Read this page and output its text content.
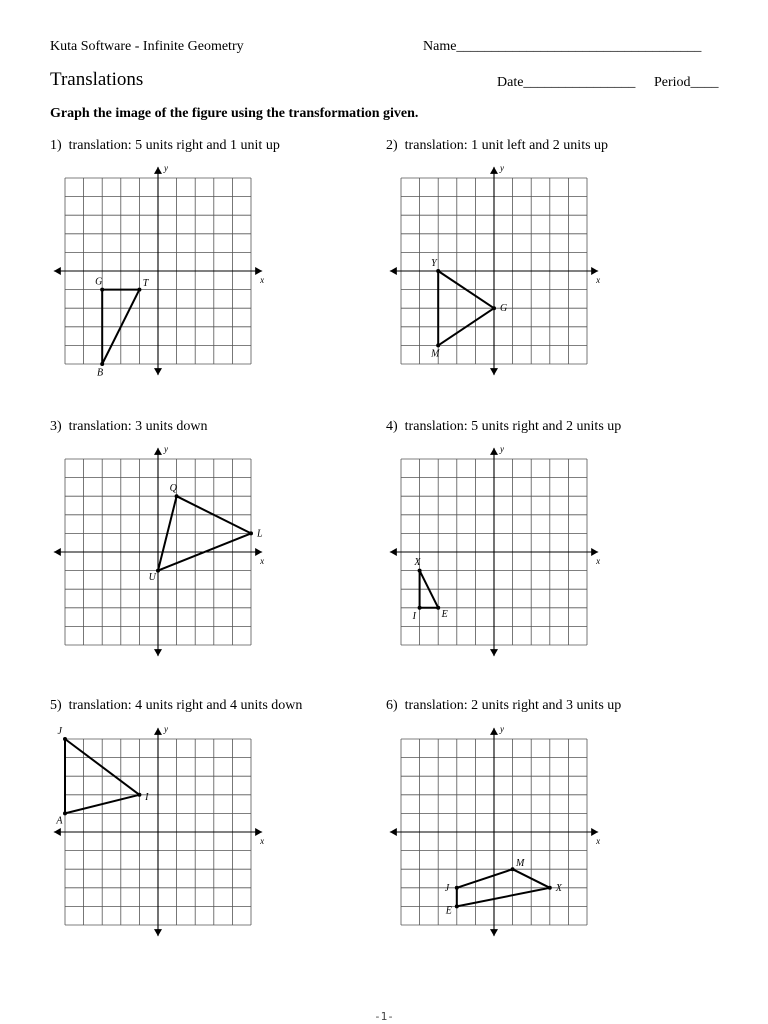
Kuta Software - Infinite Geometry	Name___________________________________
Translations	Date________________ Period____
Graph the image of the figure using the transformation given.
1) translation: 5 units right and 1 unit up
x
y
G	T
B
2) translation: 1 unit left and 2 units up
x
y
Y
G
M
3) translation: 3 units down
x
y
Q
L
U
4) translation: 5 units right and 2 units up
x
y
X
E
I
5) translation: 4 units right and 4 units down
x
y
J
I
A
6) translation: 2 units right and 3 units up
x
y
M
X
E
J
-1-
